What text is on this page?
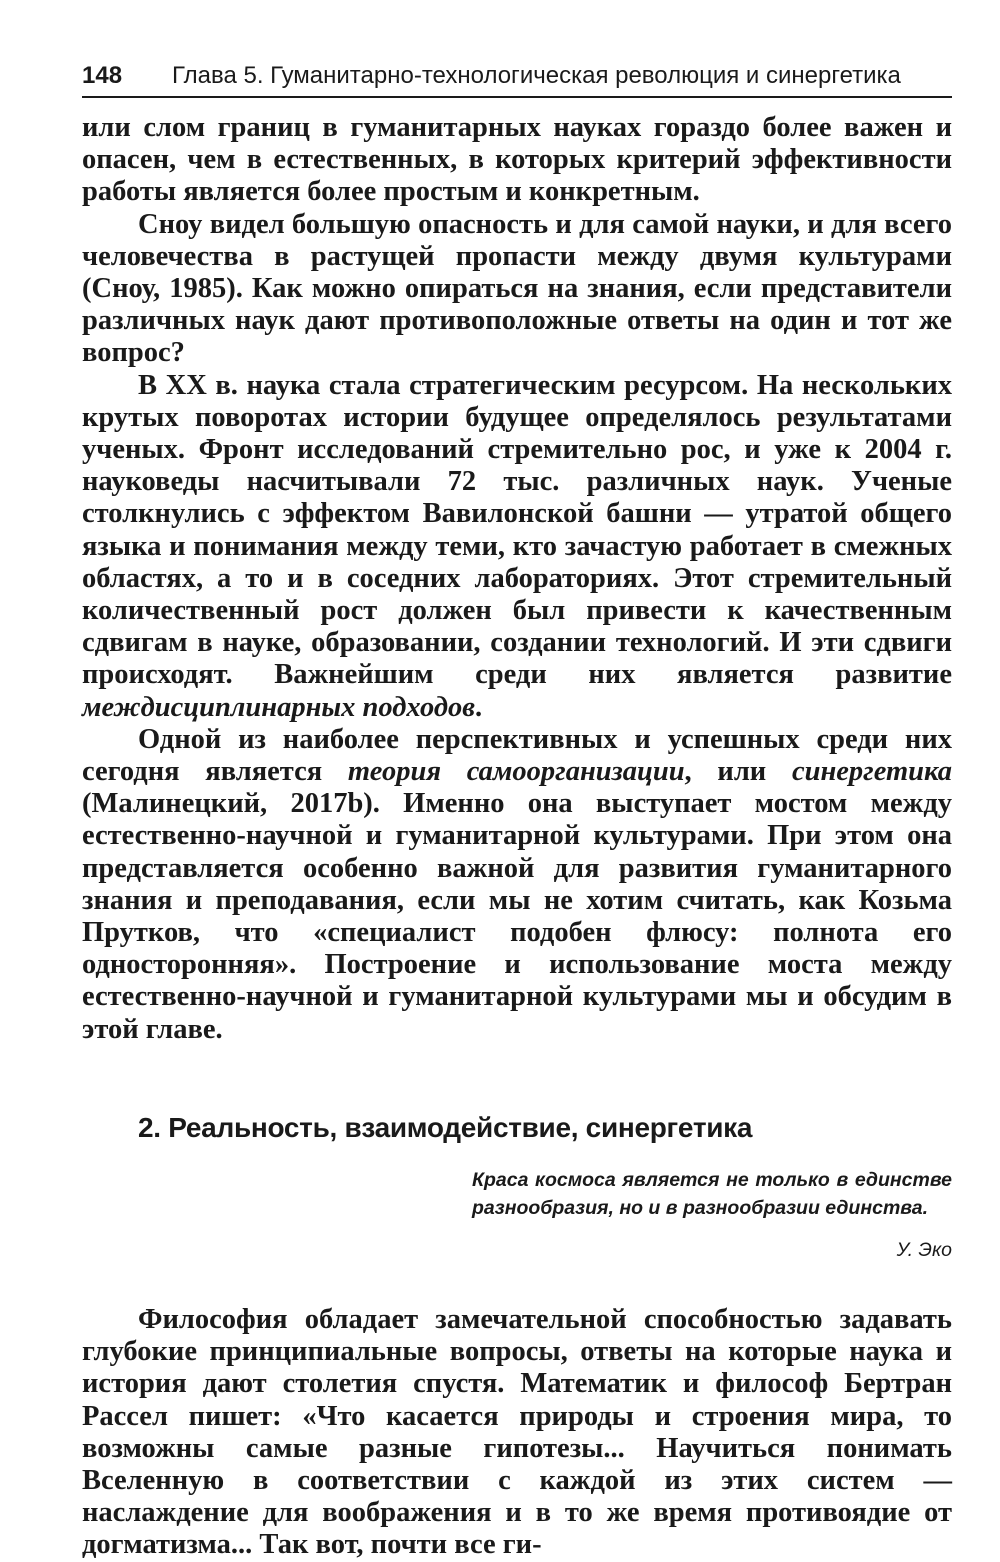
148	Глава 5. Гуманитарно-технологическая революция и синергетика

или слом границ в гуманитарных науках гораздо более важен и опасен, чем в естественных, в которых критерий эффективности работы является более простым и конкретным.

Сноу видел большую опасность и для самой науки, и для всего человечества в растущей пропасти между двумя культурами (Сноу, 1985). Как можно опираться на знания, если представители различных наук дают противоположные ответы на один и тот же вопрос?

В XX в. наука стала стратегическим ресурсом. На нескольких крутых поворотах истории будущее определялось результатами ученых. Фронт исследований стремительно рос, и уже к 2004 г. науковеды насчитывали 72 тыс. различных наук. Ученые столкнулись с эффектом Вавилонской башни — утратой общего языка и понимания между теми, кто зачастую работает в смежных областях, а то и в соседних лабораториях. Этот стремительный количественный рост должен был привести к качественным сдвигам в науке, образовании, создании технологий. И эти сдвиги происходят. Важнейшим среди них является развитие междисциплинарных подходов.

Одной из наиболее перспективных и успешных среди них сегодня является теория самоорганизации, или синергетика (Малинецкий, 2017b). Именно она выступает мостом между естественно-научной и гуманитарной культурами. При этом она представляется особенно важной для развития гуманитарного знания и преподавания, если мы не хотим считать, как Козьма Прутков, что «специалист подобен флюсу: полнота его односторонняя». Построение и использование моста между естественно-научной и гуманитарной культурами мы и обсудим в этой главе.

2. Реальность, взаимодействие, синергетика
Краса космоса является не только в единстве разнообразия, но и в разнообразии единства.
У. Эко

Философия обладает замечательной способностью задавать глубокие принципиальные вопросы, ответы на которые наука и история дают столетия спустя. Математик и философ Бертран Рассел пишет: «Что касается природы и строения мира, то возможны самые разные гипотезы... Научиться понимать Вселенную в соответствии с каждой из этих систем — наслаждение для воображения и в то же время противоядие от догматизма... Так вот, почти все ги-
